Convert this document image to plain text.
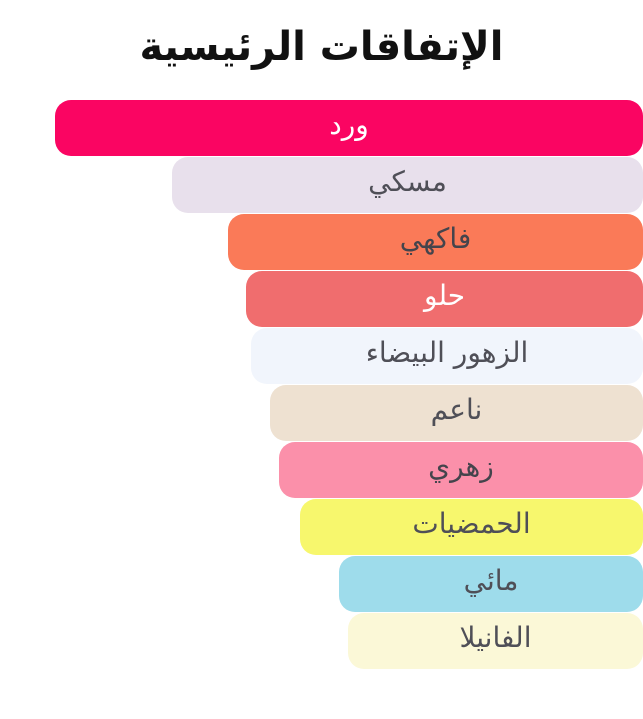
الإتفاقات الرئيسية
ورد
مسكي
فاكهي
حلو
الزهور البيضاء
ناعم
زهري
الحمضيات
مائي
الفانيلا
